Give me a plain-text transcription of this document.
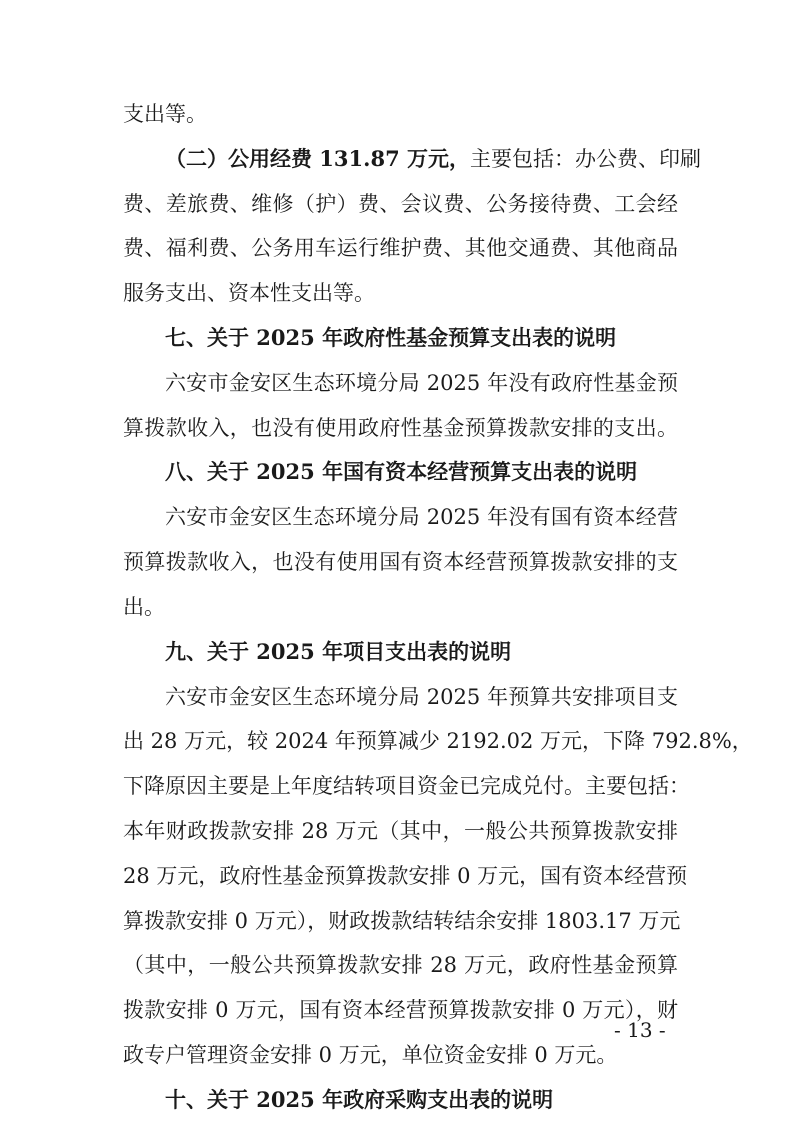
支出等。
（二）公用经费 131.87 万元，主要包括：办公费、印刷
费、差旅费、维修（护）费、会议费、公务接待费、工会经
费、福利费、公务用车运行维护费、其他交通费、其他商品
服务支出、资本性支出等。
七、关于 2025 年政府性基金预算支出表的说明
六安市金安区生态环境分局 2025 年没有政府性基金预
算拨款收入，也没有使用政府性基金预算拨款安排的支出。
八、关于 2025 年国有资本经营预算支出表的说明
六安市金安区生态环境分局 2025 年没有国有资本经营
预算拨款收入，也没有使用国有资本经营预算拨款安排的支
出。
九、关于 2025 年项目支出表的说明
六安市金安区生态环境分局 2025 年预算共安排项目支
出 28 万元，较 2024 年预算减少 2192.02 万元，下降 792.8%，
下降原因主要是上年度结转项目资金已完成兑付。主要包括：
本年财政拨款安排 28 万元（其中，一般公共预算拨款安排
28 万元，政府性基金预算拨款安排 0 万元，国有资本经营预
算拨款安排 0 万元），财政拨款结转结余安排 1803.17 万元
（其中，一般公共预算拨款安排 28 万元，政府性基金预算
拨款安排 0 万元，国有资本经营预算拨款安排 0 万元），财
政专户管理资金安排 0 万元，单位资金安排 0 万元。
十、关于 2025 年政府采购支出表的说明
- 13 -
